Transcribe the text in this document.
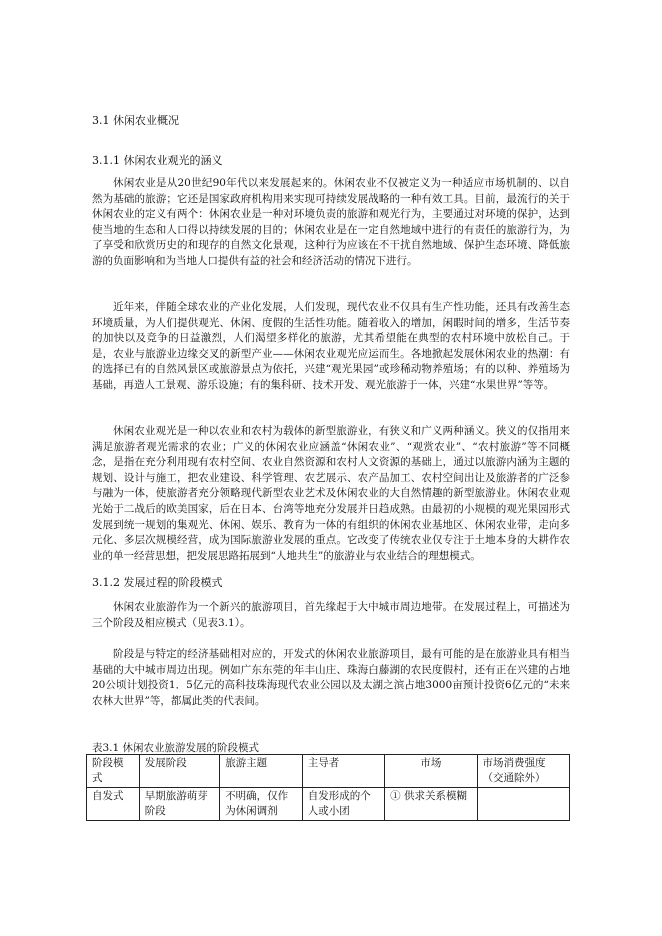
3.1 休闲农业概况
3.1.1 休闲农业观光的涵义

休闲农业是从20世纪90年代以来发展起来的。休闲农业不仅被定义为一种适应市场机制的、以自然为基础的旅游；它还是国家政府机构用来实现可持续发展战略的一种有效工具。目前，最流行的关于休闲农业的定义有两个：休闲农业是一种对环境负责的旅游和观光行为，主要通过对环境的保护，达到使当地的生态和人口得以持续发展的目的；休闲农业是在一定自然地域中进行的有责任的旅游行为，为了享受和欣赏历史的和现存的自然文化景观，这种行为应该在不干扰自然地域、保护生态环境、降低旅游的负面影响和为当地人口提供有益的社会和经济活动的情况下进行。

近年来，伴随全球农业的产业化发展，人们发现，现代农业不仅具有生产性功能，还具有改善生态环境质量，为人们提供观光、休闲、度假的生活性功能。随着收入的增加，闲暇时间的增多，生活节奏的加快以及竞争的日益激烈，人们渴望多样化的旅游，尤其希望能在典型的农村环境中放松自己。于是，农业与旅游业边缘交叉的新型产业——休闲农业观光应运而生。各地掀起发展休闲农业的热潮：有的选择已有的自然风景区或旅游景点为依托，兴建“观光果园”或珍稀动物养殖场；有的以种、养殖场为基础，再造人工景观、游乐设施；有的集科研、技术开发、观光旅游于一体，兴建“水果世界”等等。

休闲农业观光是一种以农业和农村为载体的新型旅游业，有狭义和广义两种涵义。狭义的仅指用来满足旅游者观光需求的农业；广义的休闲农业应涵盖“休闲农业”、“观赏农业”、“农村旅游”等不同概念，是指在充分利用现有农村空间、农业自然资源和农村人文资源的基础上，通过以旅游内涵为主题的规划、设计与施工，把农业建设、科学管理、农艺展示、农产品加工、农村空间出让及旅游者的广泛参与融为一体，使旅游者充分领略现代新型农业艺术及休闲农业的大自然情趣的新型旅游业。休闲农业观光始于二战后的欧美国家，后在日本、台湾等地充分发展并日趋成熟。由最初的小规模的观光果园形式发展到统一规划的集观光、休闲、娱乐、教育为一体的有组织的休闲农业基地区、休闲农业带，走向多元化、多层次规模经营，成为国际旅游业发展的重点。它改变了传统农业仅专注于土地本身的大耕作农业的单一经营思想，把发展思路拓展到“人地共生”的旅游业与农业结合的理想模式。

3.1.2 发展过程的阶段模式

休闲农业旅游作为一个新兴的旅游项目，首先缘起于大中城市周边地带。在发展过程上，可描述为三个阶段及相应模式（见表3.1）。

阶段是与特定的经济基础相对应的，开发式的休闲农业旅游项目，最有可能的是在旅游业具有相当基础的大中城市周边出现。例如广东东莞的年丰山庄、珠海白藤湖的农民度假村，还有正在兴建的占地20公顷计划投资1．5亿元的高科技珠海现代农业公园以及太湖之滨占地3000亩预计投资6亿元的“未来农林大世界”等，都属此类的代表间。

表3.1 休闲农业旅游发展的阶段模式
阶段模式	发展阶段	旅游主题	主导者	市场	市场消费强度（交通除外）
自发式	早期旅游萌芽阶段	不明确，仅作为休闲调剂	自发形成的个人或小团	① 供求关系模糊	
